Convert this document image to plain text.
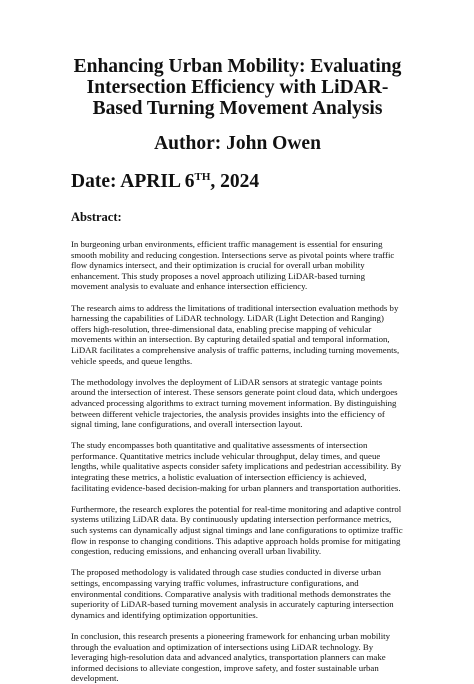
Enhancing Urban Mobility: Evaluating Intersection Efficiency with LiDAR-Based Turning Movement Analysis
Author: John Owen
Date: APRIL 6TH, 2024
Abstract:

In burgeoning urban environments, efficient traffic management is essential for ensuring smooth mobility and reducing congestion. Intersections serve as pivotal points where traffic flow dynamics intersect, and their optimization is crucial for overall urban mobility enhancement. This study proposes a novel approach utilizing LiDAR-based turning movement analysis to evaluate and enhance intersection efficiency.

The research aims to address the limitations of traditional intersection evaluation methods by harnessing the capabilities of LiDAR technology. LiDAR (Light Detection and Ranging) offers high-resolution, three-dimensional data, enabling precise mapping of vehicular movements within an intersection. By capturing detailed spatial and temporal information, LiDAR facilitates a comprehensive analysis of traffic patterns, including turning movements, vehicle speeds, and queue lengths.

The methodology involves the deployment of LiDAR sensors at strategic vantage points around the intersection of interest. These sensors generate point cloud data, which undergoes advanced processing algorithms to extract turning movement information. By distinguishing between different vehicle trajectories, the analysis provides insights into the efficiency of signal timing, lane configurations, and overall intersection layout.

The study encompasses both quantitative and qualitative assessments of intersection performance. Quantitative metrics include vehicular throughput, delay times, and queue lengths, while qualitative aspects consider safety implications and pedestrian accessibility. By integrating these metrics, a holistic evaluation of intersection efficiency is achieved, facilitating evidence-based decision-making for urban planners and transportation authorities.

Furthermore, the research explores the potential for real-time monitoring and adaptive control systems utilizing LiDAR data. By continuously updating intersection performance metrics, such systems can dynamically adjust signal timings and lane configurations to optimize traffic flow in response to changing conditions. This adaptive approach holds promise for mitigating congestion, reducing emissions, and enhancing overall urban livability.

The proposed methodology is validated through case studies conducted in diverse urban settings, encompassing varying traffic volumes, infrastructure configurations, and environmental conditions. Comparative analysis with traditional methods demonstrates the superiority of LiDAR-based turning movement analysis in accurately capturing intersection dynamics and identifying optimization opportunities.

In conclusion, this research presents a pioneering framework for enhancing urban mobility through the evaluation and optimization of intersections using LiDAR technology. By leveraging high-resolution data and advanced analytics, transportation planners can make informed decisions to alleviate congestion, improve safety, and foster sustainable urban development.
